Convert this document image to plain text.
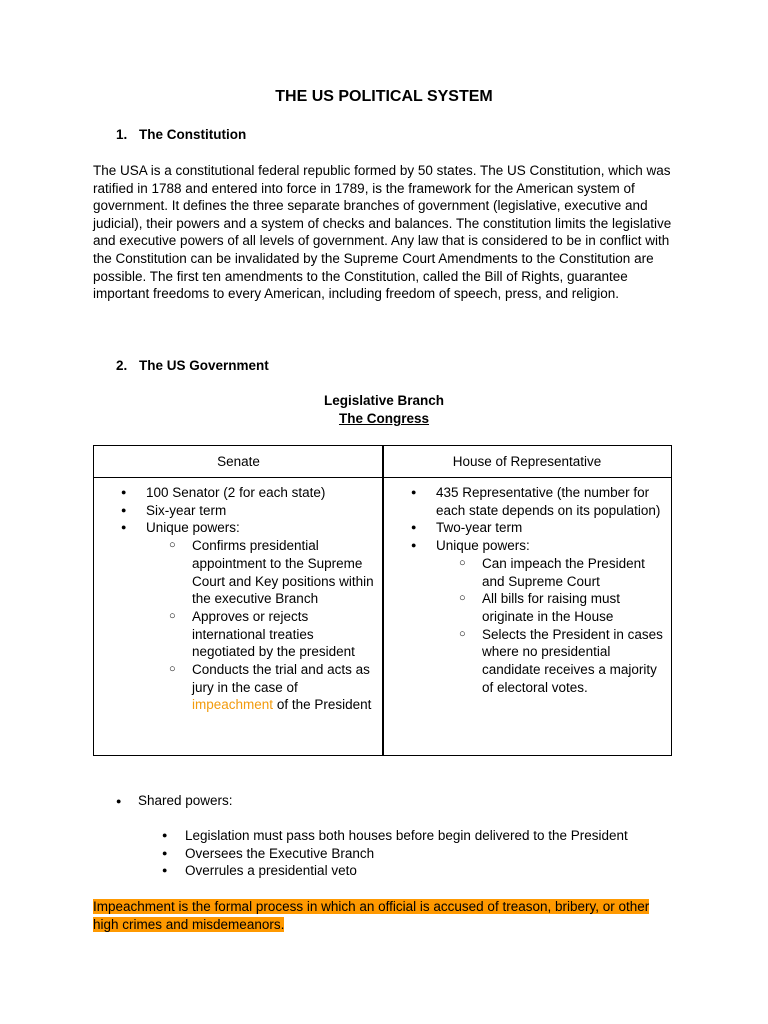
THE US POLITICAL SYSTEM
1. The Constitution
The USA is a constitutional federal republic formed by 50 states. The US Constitution, which was ratified in 1788 and entered into force in 1789, is the framework for the American system of government. It defines the three separate branches of government (legislative, executive and judicial), their powers and a system of checks and balances. The constitution limits the legislative and executive powers of all levels of government. Any law that is considered to be in conflict with the Constitution can be invalidated by the Supreme Court Amendments to the Constitution are possible. The first ten amendments to the Constitution, called the Bill of Rights, guarantee important freedoms to every American, including freedom of speech, press, and religion.
2. The US Government
Legislative Branch
The Congress
Senate	House of Representative
● 100 Senator (2 for each state)
● Six-year term
● Unique powers:
○ Confirms presidential appointment to the Supreme Court and Key positions within the executive Branch
○ Approves or rejects international treaties negotiated by the president
○ Conducts the trial and acts as jury in the case of impeachment of the President
● 435 Representative (the number for each state depends on its population)
● Two-year term
● Unique powers:
○ Can impeach the President and Supreme Court
○ All bills for raising must originate in the House
○ Selects the President in cases where no presidential candidate receives a majority of electoral votes.
● Shared powers:
● Legislation must pass both houses before begin delivered to the President
● Oversees the Executive Branch
● Overrules a presidential veto
Impeachment is the formal process in which an official is accused of treason, bribery, or other high crimes and misdemeanors.
